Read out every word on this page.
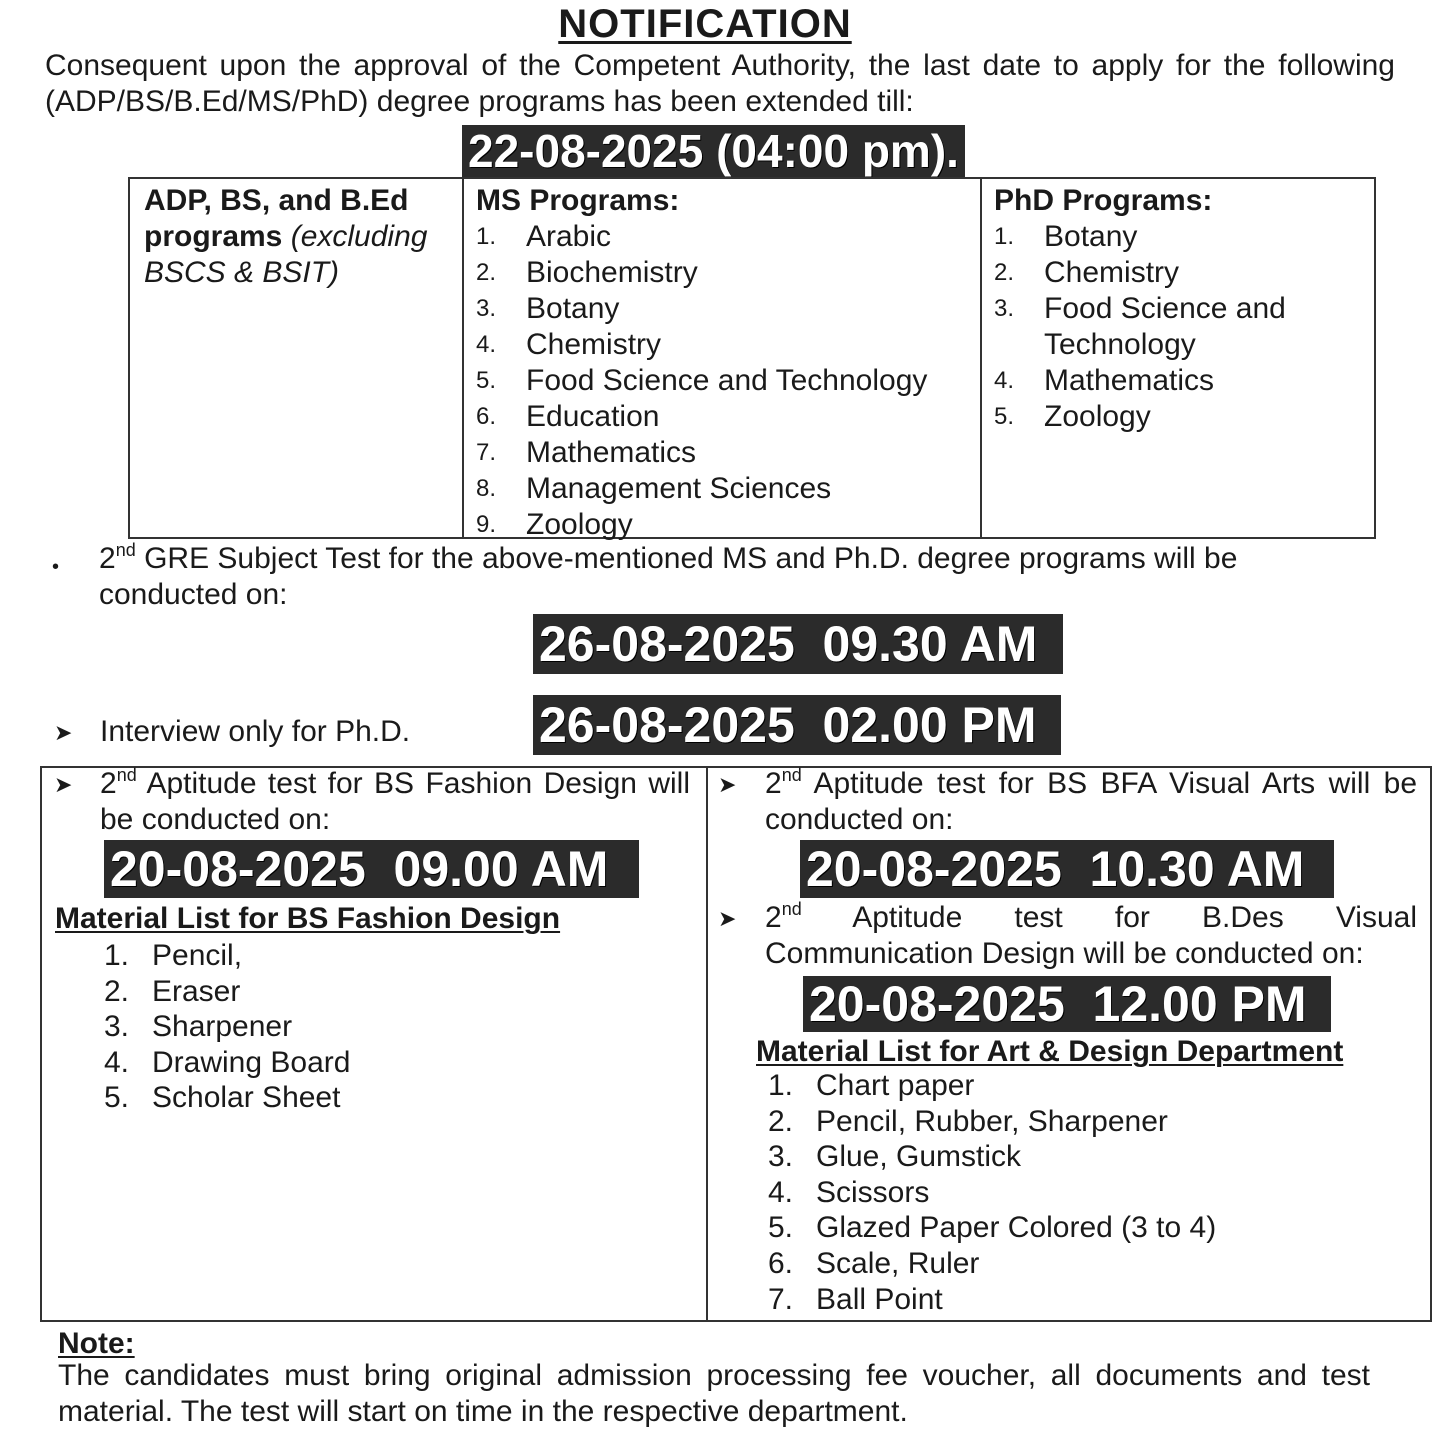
NOTIFICATION
Consequent upon the approval of the Competent Authority, the last date to apply for the following (ADP/BS/B.Ed/MS/PhD) degree programs has been extended till:
22-08-2025 (04:00 pm).
ADP, BS, and B.Ed programs (excluding BSCS & BSIT)
MS Programs:
1. Arabic
2. Biochemistry
3. Botany
4. Chemistry
5. Food Science and Technology
6. Education
7. Mathematics
8. Management Sciences
9. Zoology
PhD Programs:
1. Botany
2. Chemistry
3. Food Science and Technology
4. Mathematics
5. Zoology
• 2nd GRE Subject Test for the above-mentioned MS and Ph.D. degree programs will be conducted on:
26-08-2025  09.30 AM
➤ Interview only for Ph.D.	26-08-2025  02.00 PM
➤ 2nd Aptitude test for BS Fashion Design will be conducted on:
20-08-2025  09.00 AM
Material List for BS Fashion Design
1. Pencil,
2. Eraser
3. Sharpener
4. Drawing Board
5. Scholar Sheet
➤ 2nd Aptitude test for BS BFA Visual Arts will be conducted on:
20-08-2025  10.30 AM
➤ 2nd Aptitude test for B.Des Visual
Communication Design will be conducted on:
20-08-2025  12.00 PM
Material List for Art & Design Department
1. Chart paper
2. Pencil, Rubber, Sharpener
3. Glue, Gumstick
4. Scissors
5. Glazed Paper Colored (3 to 4)
6. Scale, Ruler
7. Ball Point
Note:
The candidates must bring original admission processing fee voucher, all documents and test material. The test will start on time in the respective department.
